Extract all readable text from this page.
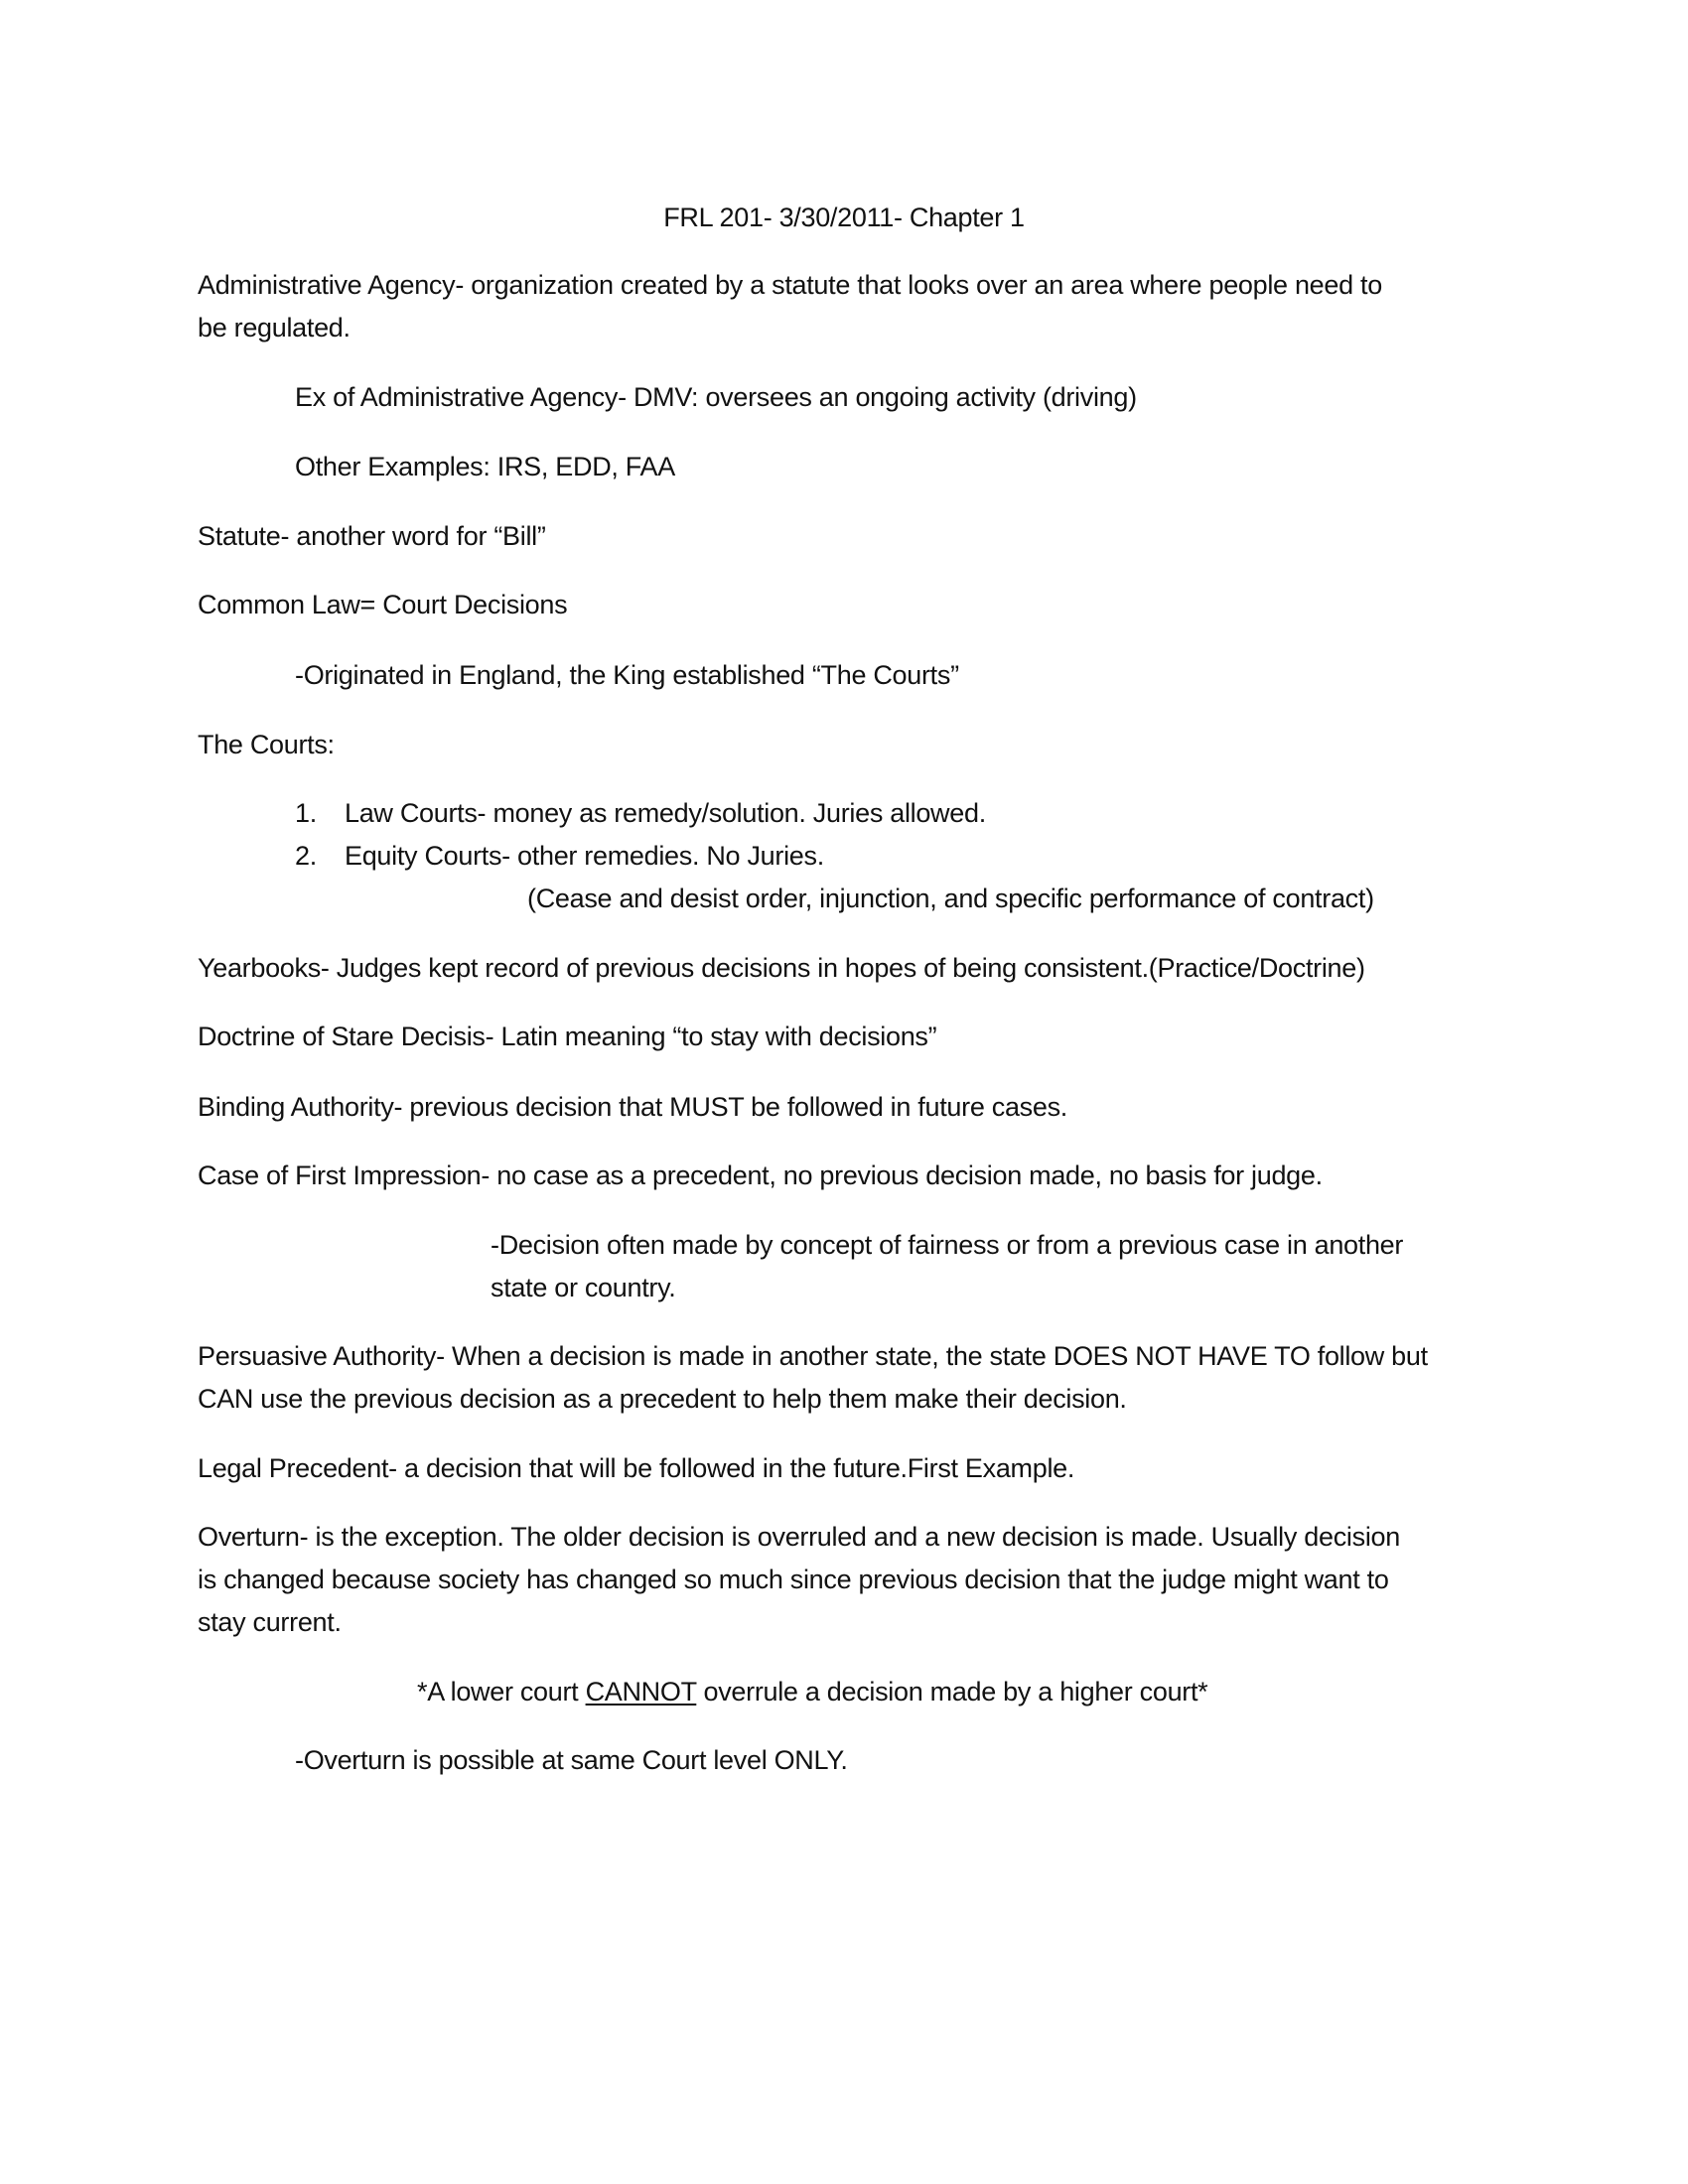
FRL 201- 3/30/2011- Chapter 1
Administrative Agency- organization created by a statute that looks over an area where people need to
be regulated.
Ex of Administrative Agency- DMV: oversees an ongoing activity (driving)
Other Examples: IRS, EDD, FAA
Statute- another word for “Bill”
Common Law= Court Decisions
-Originated in England, the King established “The Courts”
The Courts:
1. Law Courts- money as remedy/solution. Juries allowed.
2. Equity Courts- other remedies. No Juries.
(Cease and desist order, injunction, and specific performance of contract)
Yearbooks- Judges kept record of previous decisions in hopes of being consistent.(Practice/Doctrine)
Doctrine of Stare Decisis- Latin meaning “to stay with decisions”
Binding Authority- previous decision that MUST be followed in future cases.
Case of First Impression- no case as a precedent, no previous decision made, no basis for judge.
-Decision often made by concept of fairness or from a previous case in another
state or country.
Persuasive Authority- When a decision is made in another state, the state DOES NOT HAVE TO follow but
CAN use the previous decision as a precedent to help them make their decision.
Legal Precedent- a decision that will be followed in the future.First Example.
Overturn- is the exception. The older decision is overruled and a new decision is made. Usually decision
is changed because society has changed so much since previous decision that the judge might want to
stay current.
*A lower court CANNOT overrule a decision made by a higher court*
-Overturn is possible at same Court level ONLY.
